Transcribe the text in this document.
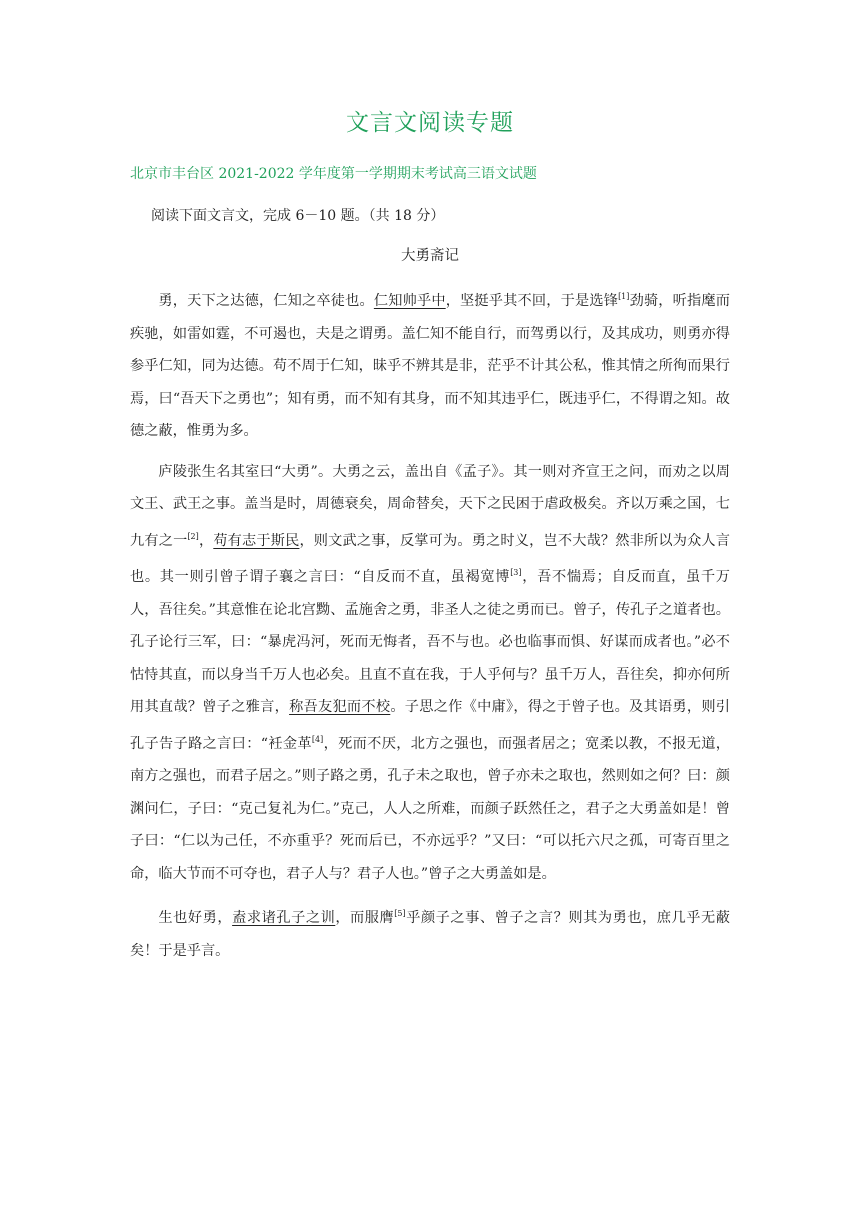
文言文阅读专题
北京市丰台区 2021-2022 学年度第一学期期末考试高三语文试题
阅读下面文言文，完成 6－10 题。（共 18 分）
大勇斋记

勇，天下之达德，仁知之卒徒也。仁知帅乎中，坚挺乎其不回，于是选锋[1]劲骑，听指麾而疾驰，如雷如霆，不可遏也，夫是之谓勇。盖仁知不能自行，而驾勇以行，及其成功，则勇亦得参乎仁知，同为达德。苟不周于仁知，昧乎不辨其是非，茫乎不计其公私，惟其情之所徇而果行焉，曰“吾天下之勇也”；知有勇，而不知有其身，而不知其违乎仁，既违乎仁，不得谓之知。故德之蔽，惟勇为多。

庐陵张生名其室曰“大勇”。大勇之云，盖出自《孟子》。其一则对齐宣王之问，而劝之以周文王、武王之事。盖当是时，周德衰矣，周命替矣，天下之民困于虐政极矣。齐以万乘之国，七九有之一[2]，苟有志于斯民，则文武之事，反掌可为。勇之时义，岂不大哉？然非所以为众人言也。其一则引曾子谓子襄之言曰：“自反而不直，虽褐宽博[3]，吾不惴焉；自反而直，虽千万人，吾往矣。”其意惟在论北宫黝、孟施舍之勇，非圣人之徒之勇而已。曾子，传孔子之道者也。孔子论行三军，曰：“暴虎冯河，死而无悔者，吾不与也。必也临事而惧、好谋而成者也。”必不怙恃其直，而以身当千万人也必矣。且直不直在我，于人乎何与？虽千万人，吾往矣，抑亦何所用其直哉？曾子之雅言，称吾友犯而不校。子思之作《中庸》，得之于曾子也。及其语勇，则引孔子告子路之言曰：“衽金革[4]，死而不厌，北方之强也，而强者居之；宽柔以教，不报无道，南方之强也，而君子居之。”则子路之勇，孔子未之取也，曾子亦未之取也，然则如之何？曰：颜渊问仁，子曰：“克己复礼为仁。”克己，人人之所难，而颜子跃然任之，君子之大勇盖如是！曾子曰：“仁以为己任，不亦重乎？死而后已，不亦远乎？”又曰：“可以托六尺之孤，可寄百里之命，临大节而不可夺也，君子人与？君子人也。”曾子之大勇盖如是。

生也好勇，盍求诸孔子之训，而服膺[5]乎颜子之事、曾子之言？则其为勇也，庶几乎无蔽矣！于是乎言。
